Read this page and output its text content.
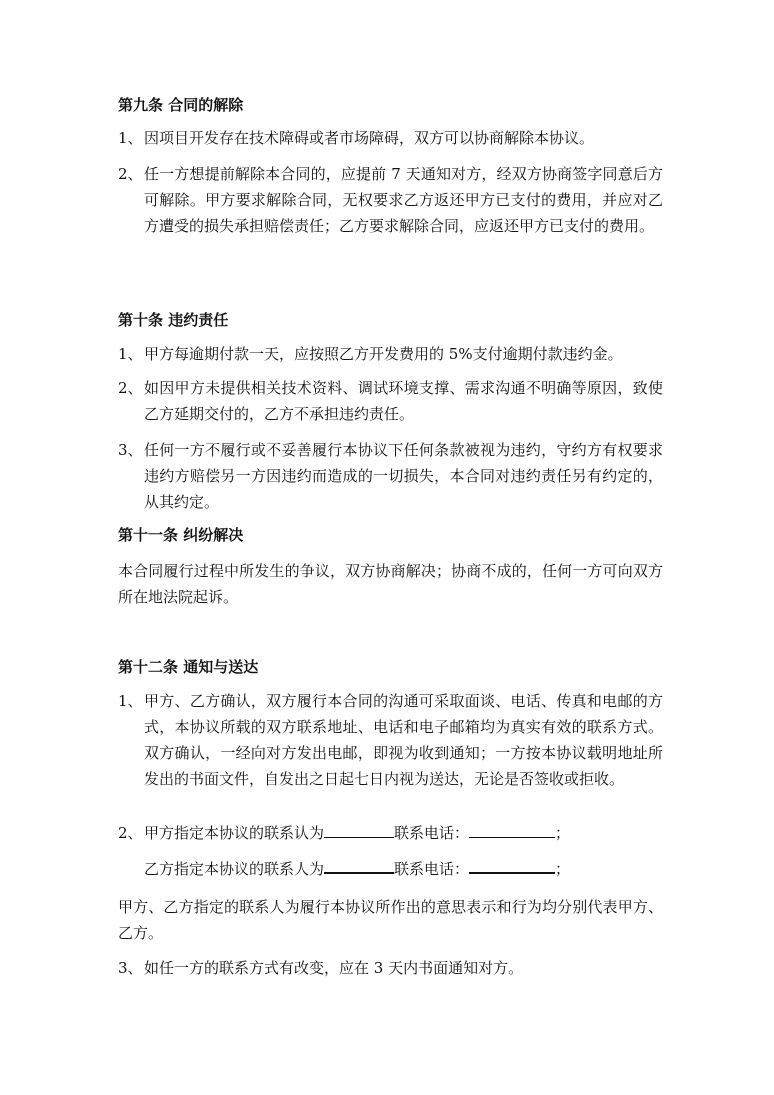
第九条 合同的解除
1、 因项目开发存在技术障碍或者市场障碍，双方可以协商解除本协议。
2、 任一方想提前解除本合同的，应提前 7 天通知对方，经双方协商签字同意后方可解除。甲方要求解除合同，无权要求乙方返还甲方已支付的费用，并应对乙方遭受的损失承担赔偿责任；乙方要求解除合同，应返还甲方已支付的费用。
第十条 违约责任
1、 甲方每逾期付款一天，应按照乙方开发费用的 5%支付逾期付款违约金。
2、 如因甲方未提供相关技术资料、调试环境支撑、需求沟通不明确等原因，致使乙方延期交付的，乙方不承担违约责任。
3、 任何一方不履行或不妥善履行本协议下任何条款被视为违约，守约方有权要求违约方赔偿另一方因违约而造成的一切损失，本合同对违约责任另有约定的，从其约定。
第十一条 纠纷解决
本合同履行过程中所发生的争议，双方协商解决；协商不成的，任何一方可向双方所在地法院起诉。
第十二条 通知与送达
1、 甲方、乙方确认，双方履行本合同的沟通可采取面谈、电话、传真和电邮的方式，本协议所载的双方联系地址、电话和电子邮箱均为真实有效的联系方式。双方确认，一经向对方发出电邮，即视为收到通知；一方按本协议载明地址所发出的书面文件，自发出之日起七日内视为送达，无论是否签收或拒收。
2、甲方指定本协议的联系认为	联系电话：	；
乙方指定本协议的联系人为	联系电话：	；
甲方、乙方指定的联系人为履行本协议所作出的意思表示和行为均分别代表甲方、乙方。
3、 如任一方的联系方式有改变，应在 3 天内书面通知对方。
